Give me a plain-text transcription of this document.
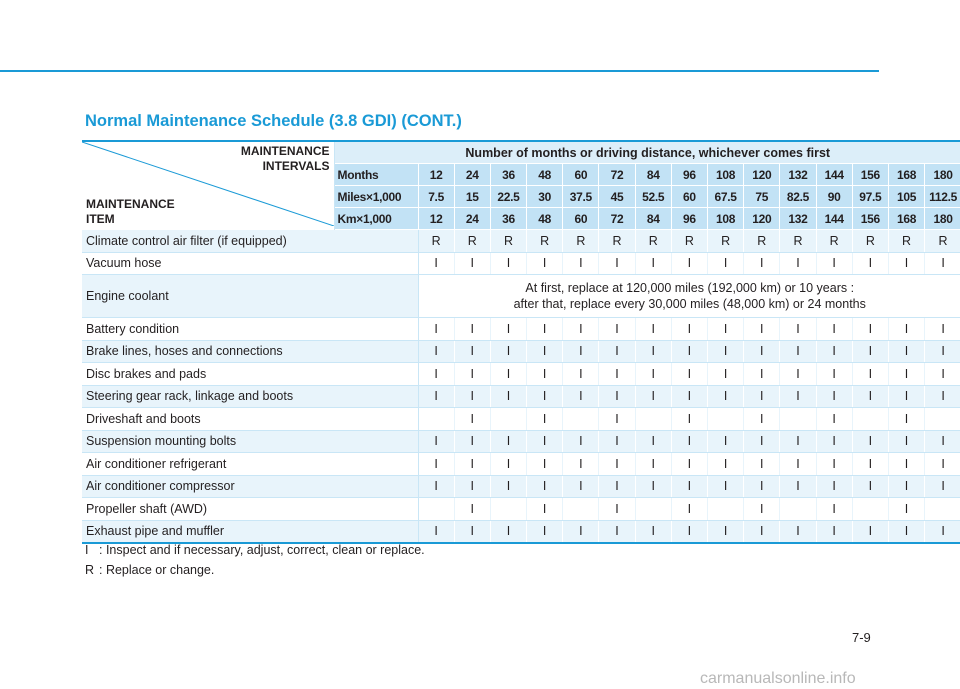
Normal Maintenance Schedule (3.8 GDI) (CONT.)
MAINTENANCE INTERVALS
MAINTENANCE ITEM	Number of months or driving distance, whichever comes first															
	Months	12	24	36	48	60	72	84	96	108	120	132	144	156	168	180
	Miles×1,000	7.5	15	22.5	30	37.5	45	52.5	60	67.5	75	82.5	90	97.5	105	112.5
	Km×1,000	12	24	36	48	60	72	84	96	108	120	132	144	156	168	180
Climate control air filter (if equipped)		R	R	R	R	R	R	R	R	R	R	R	R	R	R	R
Vacuum hose		I	I	I	I	I	I	I	I	I	I	I	I	I	I	I
Engine coolant		At first, replace at 120,000 miles (192,000 km) or 10 years :
after that, replace every 30,000 miles (48,000 km) or 24 months														

Battery condition		I	I	I	I	I	I	I	I	I	I	I	I	I	I	I
Brake lines, hoses and connections		I	I	I	I	I	I	I	I	I	I	I	I	I	I	I
Disc brakes and pads		I	I	I	I	I	I	I	I	I	I	I	I	I	I	I
Steering gear rack, linkage and boots		I	I	I	I	I	I	I	I	I	I	I	I	I	I	I
Driveshaft and boots			I		I		I		I		I		I		I	
Suspension mounting bolts		I	I	I	I	I	I	I	I	I	I	I	I	I	I	I
Air conditioner refrigerant		I	I	I	I	I	I	I	I	I	I	I	I	I	I	I
Air conditioner compressor		I	I	I	I	I	I	I	I	I	I	I	I	I	I	I
Propeller shaft (AWD)			I		I		I		I		I		I		I	
Exhaust pipe and muffler		I	I	I	I	I	I	I	I	I	I	I	I	I	I	I
I : Inspect and if necessary, adjust, correct, clean or replace.
R : Replace or change.
7-9
carmanualsonline.info
